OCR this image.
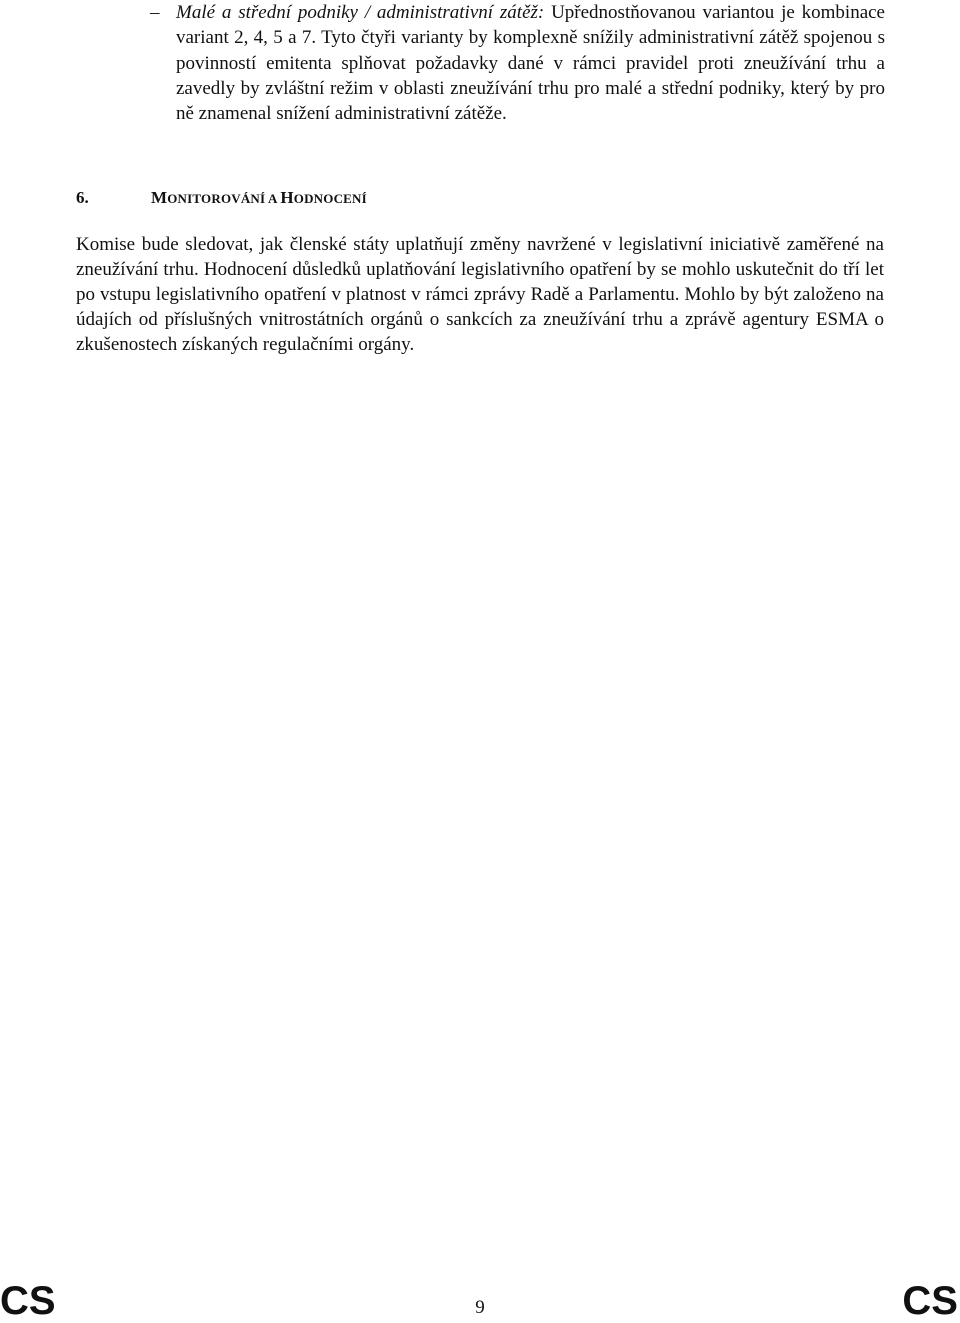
– Malé a střední podniky / administrativní zátěž: Upřednostňovanou variantou je kombinace variant 2, 4, 5 a 7. Tyto čtyři varianty by komplexně snížily administrativní zátěž spojenou s povinností emitenta splňovat požadavky dané v rámci pravidel proti zneužívání trhu a zavedly by zvláštní režim v oblasti zneužívání trhu pro malé a střední podniky, který by pro ně znamenal snížení administrativní zátěže.
6.	MONITOROVÁNÍ A HODNOCENÍ
Komise bude sledovat, jak členské státy uplatňují změny navržené v legislativní iniciativě zaměřené na zneužívání trhu. Hodnocení důsledků uplatňování legislativního opatření by se mohlo uskutečnit do tří let po vstupu legislativního opatření v platnost v rámci zprávy Radě a Parlamentu. Mohlo by být založeno na údajích od příslušných vnitrostátních orgánů o sankcích za zneužívání trhu a zprávě agentury ESMA o zkušenostech získaných regulačními orgány.
CS	9	CS
